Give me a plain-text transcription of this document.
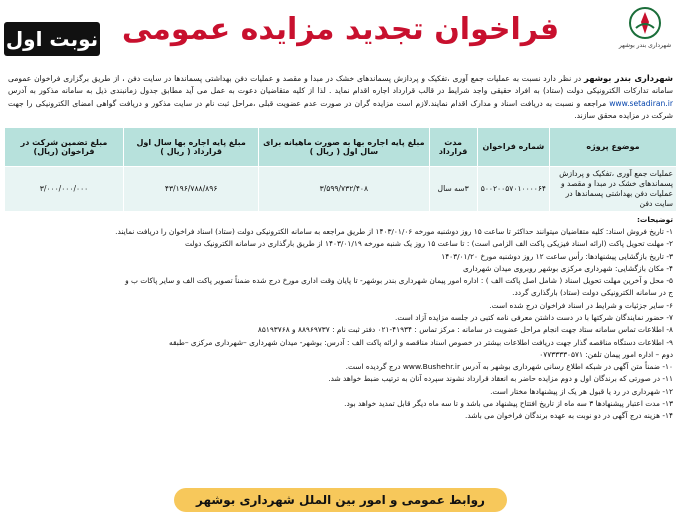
شهرداری بندر بوشهر
فراخوان تجدید مزایده عمومی
نوبت اول
شهرداری بندر بوشهر در نظر دارد نسبت به عملیات جمع آوری ،تفکیک و پردازش پسماندهای خشک در مبدا و مقصد و عملیات دفن بهداشتی پسماندها در سایت دفن ، از طریق برگزاری فراخوان عمومی سامانه تدارکات الکترونیکی دولت (ستاد) به افراد حقیقی واجد شرایط در قالب قرارداد اجاره اقدام نماید . لذا از کلیه متقاضیان دعوت به عمل می آید مطابق جدول زمانبندی ذیل به سامانه مذکور به آدرس www.setadiran.ir مراجعه و نسبت به دریافت اسناد و مدارک اقدام نمایند.لازم است مزایده گران در صورت عدم عضویت قبلی ،مراحل ثبت نام در سایت مذکور و دریافت گواهی امضای الکترونیکی را جهت شرکت در مزایده محقق سازند.
موضوع پروژه	شماره فراخوان	مدت قرارداد	مبلغ پایه اجاره بها به صورت ماهیانه برای سال اول ( ریال )	مبلغ پایه اجاره بها سال اول قرارداد ( ریال )	مبلغ تضمین شرکت در فراخوان (ریال)
عملیات جمع آوری ،تفکیک و پردازش پسماندهای خشک در مبدا و مقصد و عملیات دفن بهداشتی پسماندها در سایت دفن	۵۰۰۲۰۰۵۷۰۱۰۰۰۰۶۴	۳سه سال	۳/۵۹۹/۷۳۲/۴۰۸	۴۳/۱۹۶/۷۸۸/۸۹۶	۳/۰۰۰/۰۰۰/۰۰۰
توضیحات:
۱- تاریخ فروش اسناد: کلیه متقاضیان میتوانند حداکثر تا ساعت ۱۵ روز دوشنبه مورخه ۱۴۰۳/۰۱/۰۶ از طریق مراجعه به سامانه الکترونیکی دولت (ستاد) اسناد فراخوان را دریافت نمایند.
۲- مهلت تحویل پاکت (ارائه اسناد فیزیکی پاکت الف الزامی است) : تا ساعت ۱۵ روز یک شنبه مورخه ۱۴۰۳/۰۱/۱۹ از طریق بارگذاری در سامانه الکترونیک دولت
۳- تاریخ بازگشایی پیشنهادها: رأس ساعت ۱۲ روز دوشنبه مورخ ۱۴۰۳/۰۱/۲۰
۴- مکان بازگشایی: شهرداری مرکزی بوشهر روبروی میدان شهرداری
۵- محل و آخرین مهلت تحویل اسناد ( شامل اصل پاکت الف ) : اداره امور پیمان شهرداری بندر بوشهر- تا پایان وقت اداری مورخ درج شده ضمناً تصویر پاکت الف و سایر پاکات ب و
ج در سامانه الکترونیکی دولت (ستاد) بارگذاری گردد.
۶- سایر جزئیات و شرایط در اسناد فراخوان درج شده است.
۷- حضور نمایندگان شرکتها با در دست داشتن معرفی نامه کتبی در جلسه مزایده آزاد است.
۸- اطلاعات تماس سامانه ستاد جهت انجام مراحل عضویت در سامانه : مرکز تماس : ۴۱۹۳۴-۰۲۱ دفتر ثبت نام : ۸۸۹۶۹۷۳۷ و ۸۵۱۹۳۷۶۸
۹- اطلاعات دستگاه مناقصه گذار جهت دریافت اطلاعات بیشتر در خصوص اسناد مناقصه و ارائه پاکت الف : آدرس: بوشهر- میدان شهرداری –شهرداری مرکزی –طبقه
دوم – اداره امور پیمان تلفن: ۰۷۷۳۳۳۳۰۵۷۱
۱۰- ضمناً متن آگهی در شبکه اطلاع رسانی شهرداری بوشهر به آدرس www.Bushehr.ir درج گردیده است.
۱۱- در صورتی که برندگان اول و دوم مزایده حاضر به انعقاد قرارداد نشوند سپرده آنان به ترتیب ضبط خواهد شد.
۱۲- شهرداری در رد یا قبول هر یک از پیشنهادها مختار است.
۱۳- مدت اعتبار پیشنهادها ۳ سه ماه از تاریخ افتتاح پیشنهاد می باشد و تا سه ماه دیگر قابل تمدید خواهد بود.
۱۴- هزینه درج آگهی در دو نوبت به عهده برندگان فراخوان می باشد.
روابط عمومی و امور بین الملل شهرداری بوشهر
